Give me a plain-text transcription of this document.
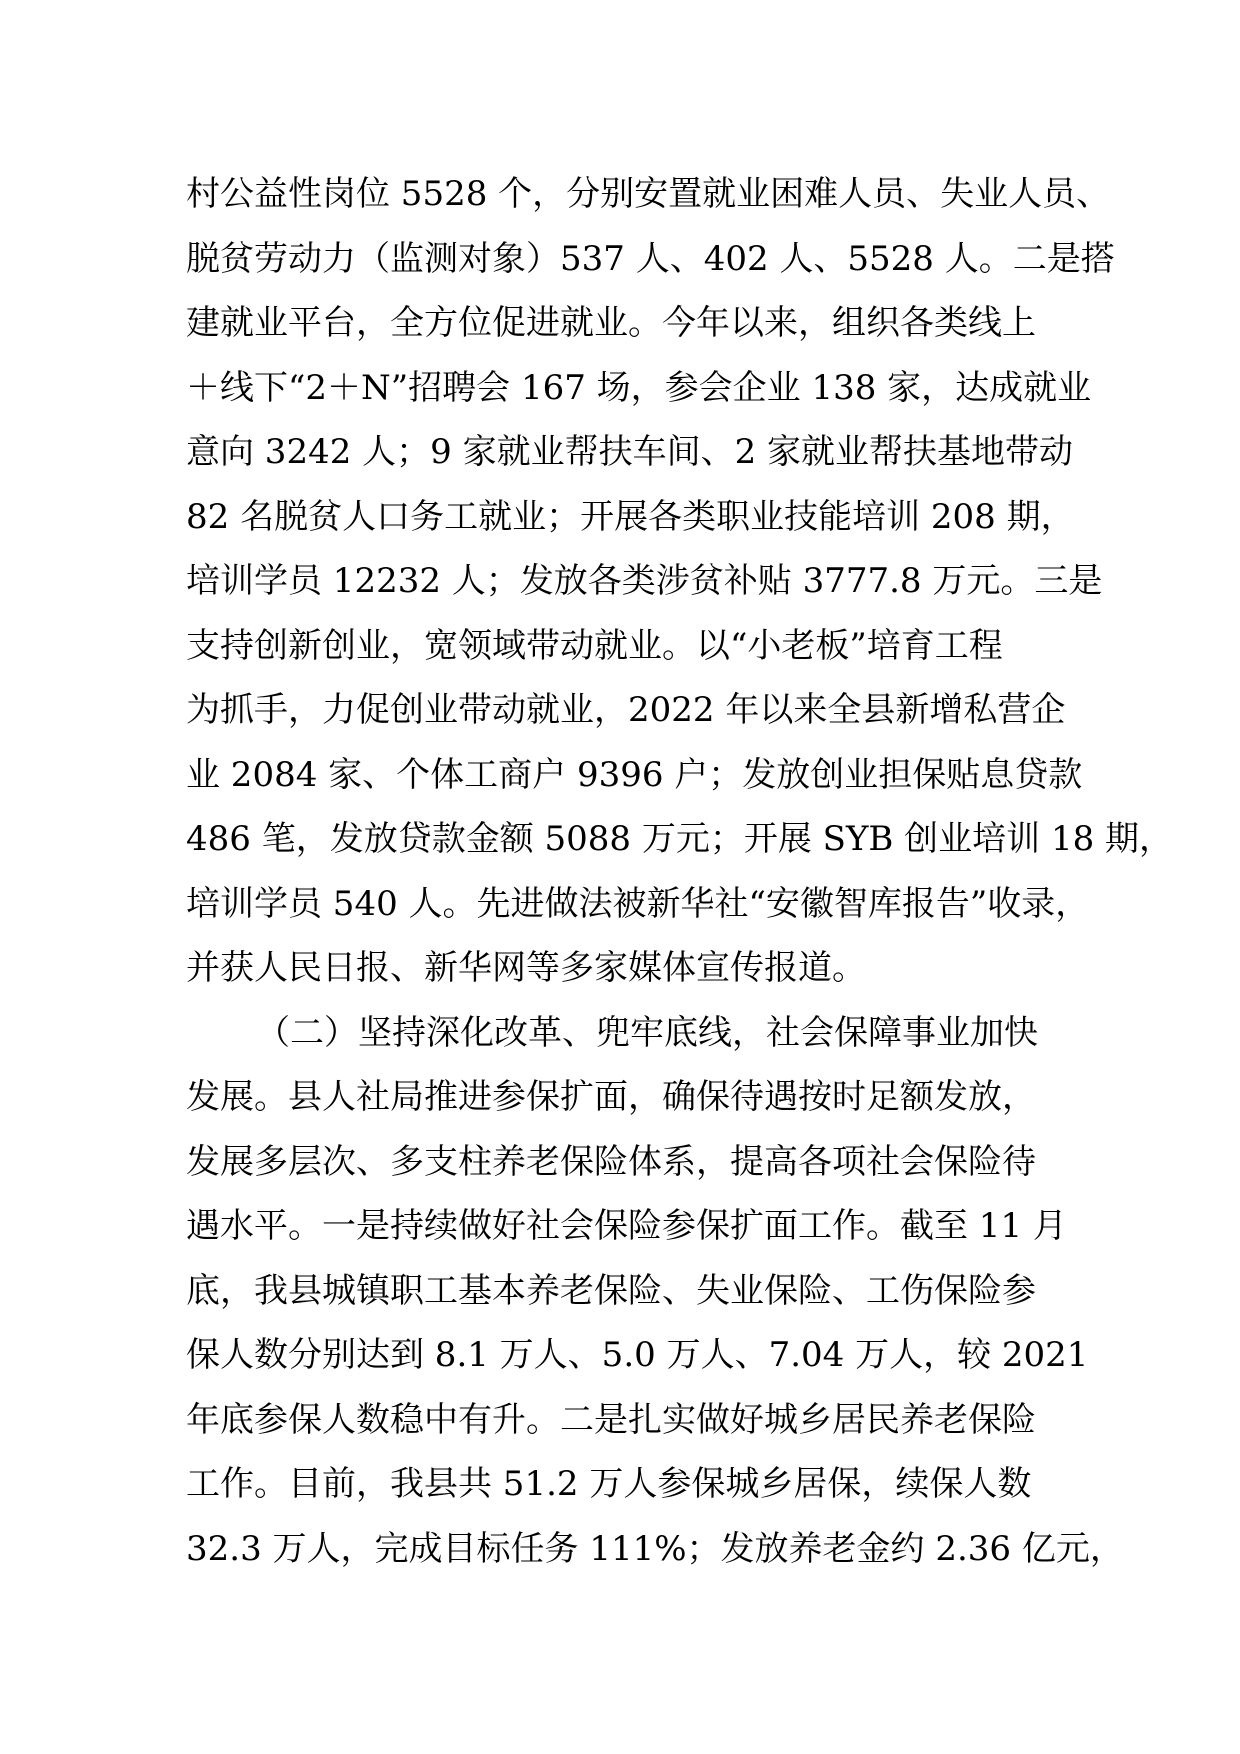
村公益性岗位 5528 个，分别安置就业困难人员、失业人员、
脱贫劳动力（监测对象）537 人、402 人、5528 人。二是搭
建就业平台，全方位促进就业。今年以来，组织各类线上
＋线下“2＋N”招聘会 167 场，参会企业 138 家，达成就业
意向 3242 人；9 家就业帮扶车间、2 家就业帮扶基地带动
82 名脱贫人口务工就业；开展各类职业技能培训 208 期，
培训学员 12232 人；发放各类涉贫补贴 3777.8 万元。三是
支持创新创业，宽领域带动就业。以“小老板”培育工程
为抓手，力促创业带动就业，2022 年以来全县新增私营企
业 2084 家、个体工商户 9396 户；发放创业担保贴息贷款
486 笔，发放贷款金额 5088 万元；开展 SYB 创业培训 18 期，
培训学员 540 人。先进做法被新华社“安徽智库报告”收录，
并获人民日报、新华网等多家媒体宣传报道。
（二）坚持深化改革、兜牢底线，社会保障事业加快
发展。县人社局推进参保扩面，确保待遇按时足额发放，
发展多层次、多支柱养老保险体系，提高各项社会保险待
遇水平。一是持续做好社会保险参保扩面工作。截至 11 月
底，我县城镇职工基本养老保险、失业保险、工伤保险参
保人数分别达到 8.1 万人、5.0 万人、7.04 万人，较 2021
年底参保人数稳中有升。二是扎实做好城乡居民养老保险
工作。目前，我县共 51.2 万人参保城乡居保，续保人数
32.3 万人，完成目标任务 111%；发放养老金约 2.36 亿元，
